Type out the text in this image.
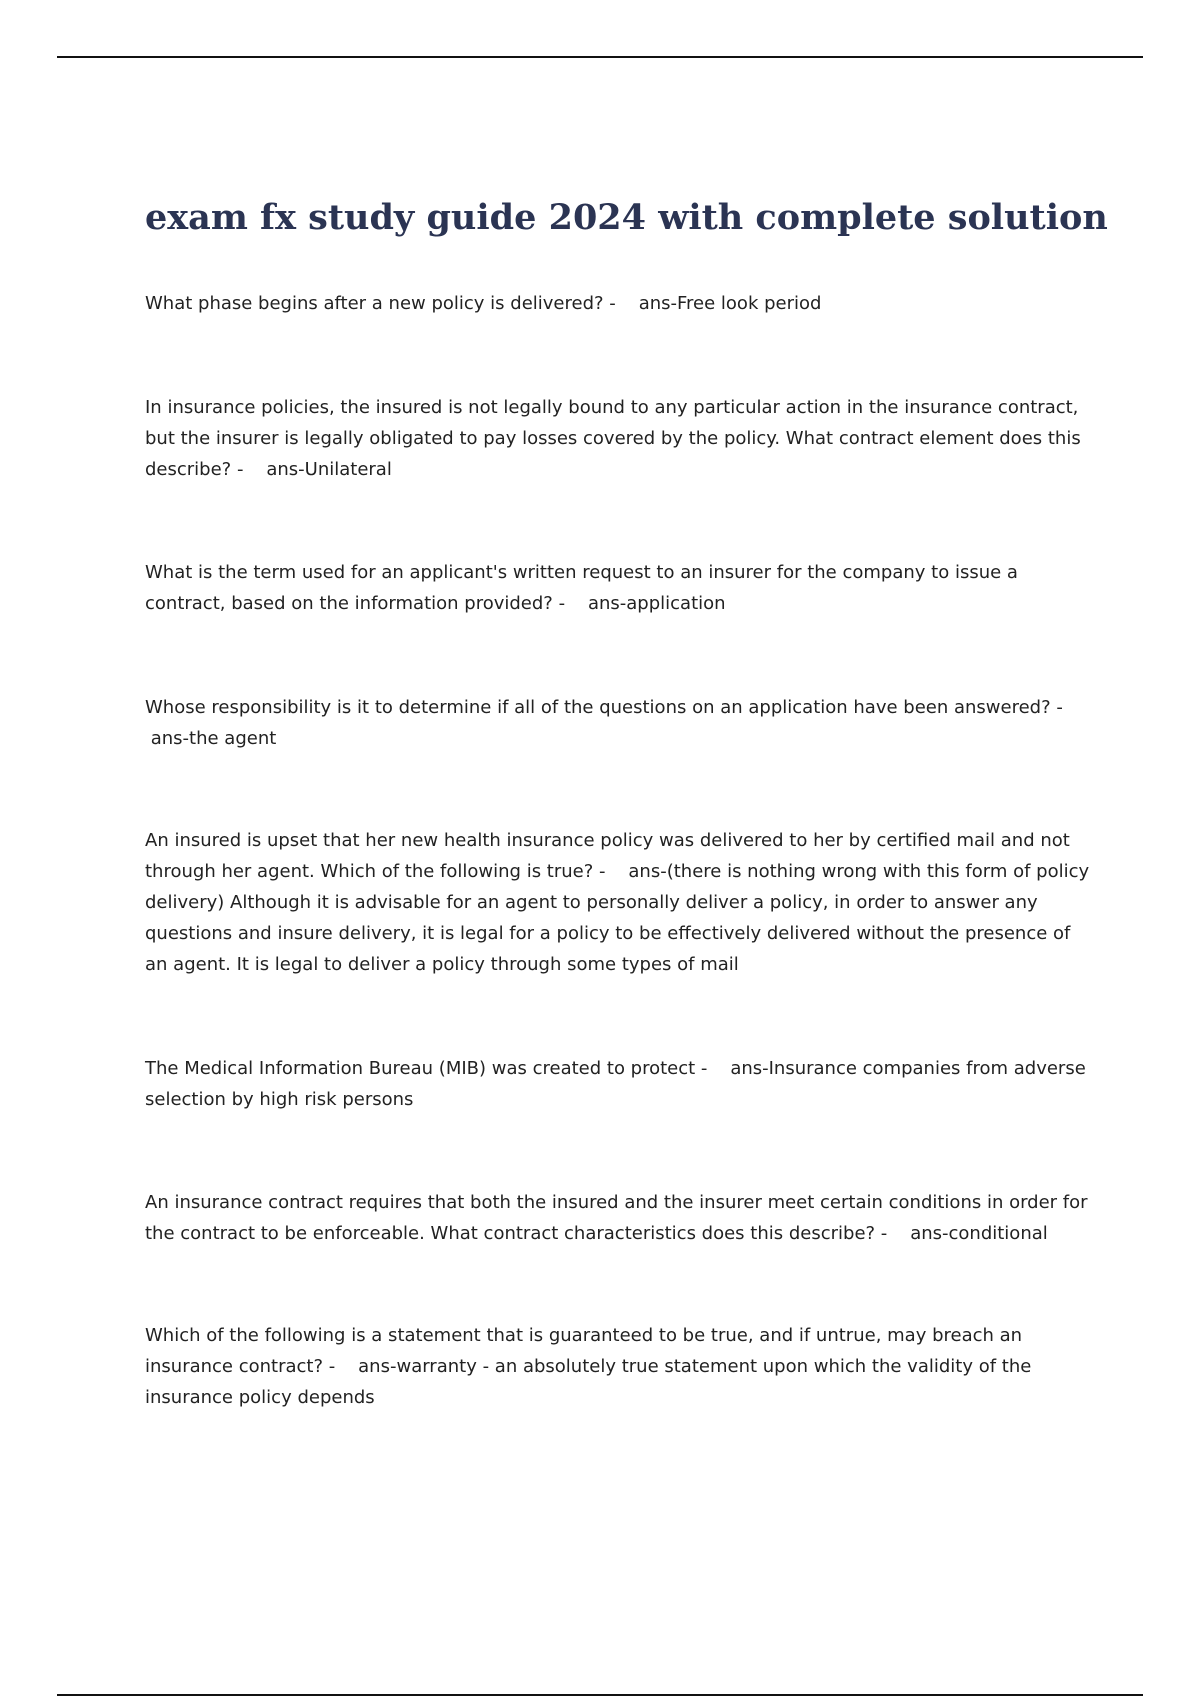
exam fx study guide 2024 with complete solution

What phase begins after a new policy is delivered? - ans-Free look period

In insurance policies, the insured is not legally bound to any particular action in the insurance contract, but the insurer is legally obligated to pay losses covered by the policy. What contract element does this describe? - ans-Unilateral

What is the term used for an applicant's written request to an insurer for the company to issue a contract, based on the information provided? - ans-application

Whose responsibility is it to determine if all of the questions on an application have been answered? - ans-the agent

An insured is upset that her new health insurance policy was delivered to her by certified mail and not through her agent. Which of the following is true? - ans-(there is nothing wrong with this form of policy delivery) Although it is advisable for an agent to personally deliver a policy, in order to answer any questions and insure delivery, it is legal for a policy to be effectively delivered without the presence of an agent. It is legal to deliver a policy through some types of mail

The Medical Information Bureau (MIB) was created to protect - ans-Insurance companies from adverse selection by high risk persons

An insurance contract requires that both the insured and the insurer meet certain conditions in order for the contract to be enforceable. What contract characteristics does this describe? - ans-conditional

Which of the following is a statement that is guaranteed to be true, and if untrue, may breach an insurance contract? - ans-warranty - an absolutely true statement upon which the validity of the insurance policy depends
